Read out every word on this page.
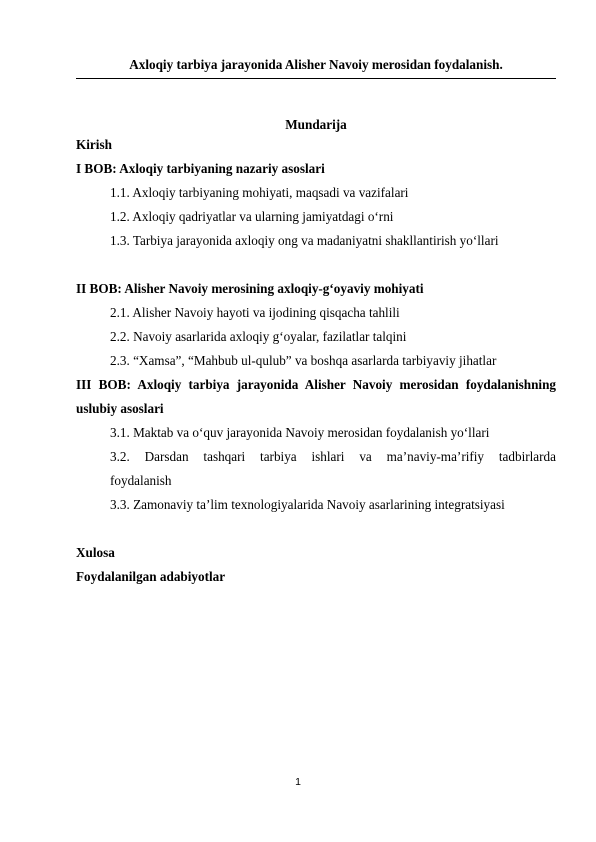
Axloqiy tarbiya jarayonida Alisher Navoiy merosidan foydalanish.
Mundarija
Kirish
I BOB: Axloqiy tarbiyaning nazariy asoslari
1.1. Axloqiy tarbiyaning mohiyati, maqsadi va vazifalari
1.2. Axloqiy qadriyatlar va ularning jamiyatdagi o‘rni
1.3. Tarbiya jarayonida axloqiy ong va madaniyatni shakllantirish yo‘llari
II BOB: Alisher Navoiy merosining axloqiy-g‘oyaviy mohiyati
2.1. Alisher Navoiy hayoti va ijodining qisqacha tahlili
2.2. Navoiy asarlarida axloqiy g‘oyalar, fazilatlar talqini
2.3. “Xamsa”, “Mahbub ul-qulub” va boshqa asarlarda tarbiyaviy jihatlar
III BOB: Axloqiy tarbiya jarayonida Alisher Navoiy merosidan foydalanishning
uslubiy asoslari
3.1. Maktab va o‘quv jarayonida Navoiy merosidan foydalanish yo‘llari
3.2. Darsdan tashqari tarbiya ishlari va ma’naviy-ma’rifiy tadbirlarda
foydalanish
3.3. Zamonaviy ta’lim texnologiyalarida Navoiy asarlarining integratsiyasi
Xulosa
Foydalanilgan adabiyotlar
1
